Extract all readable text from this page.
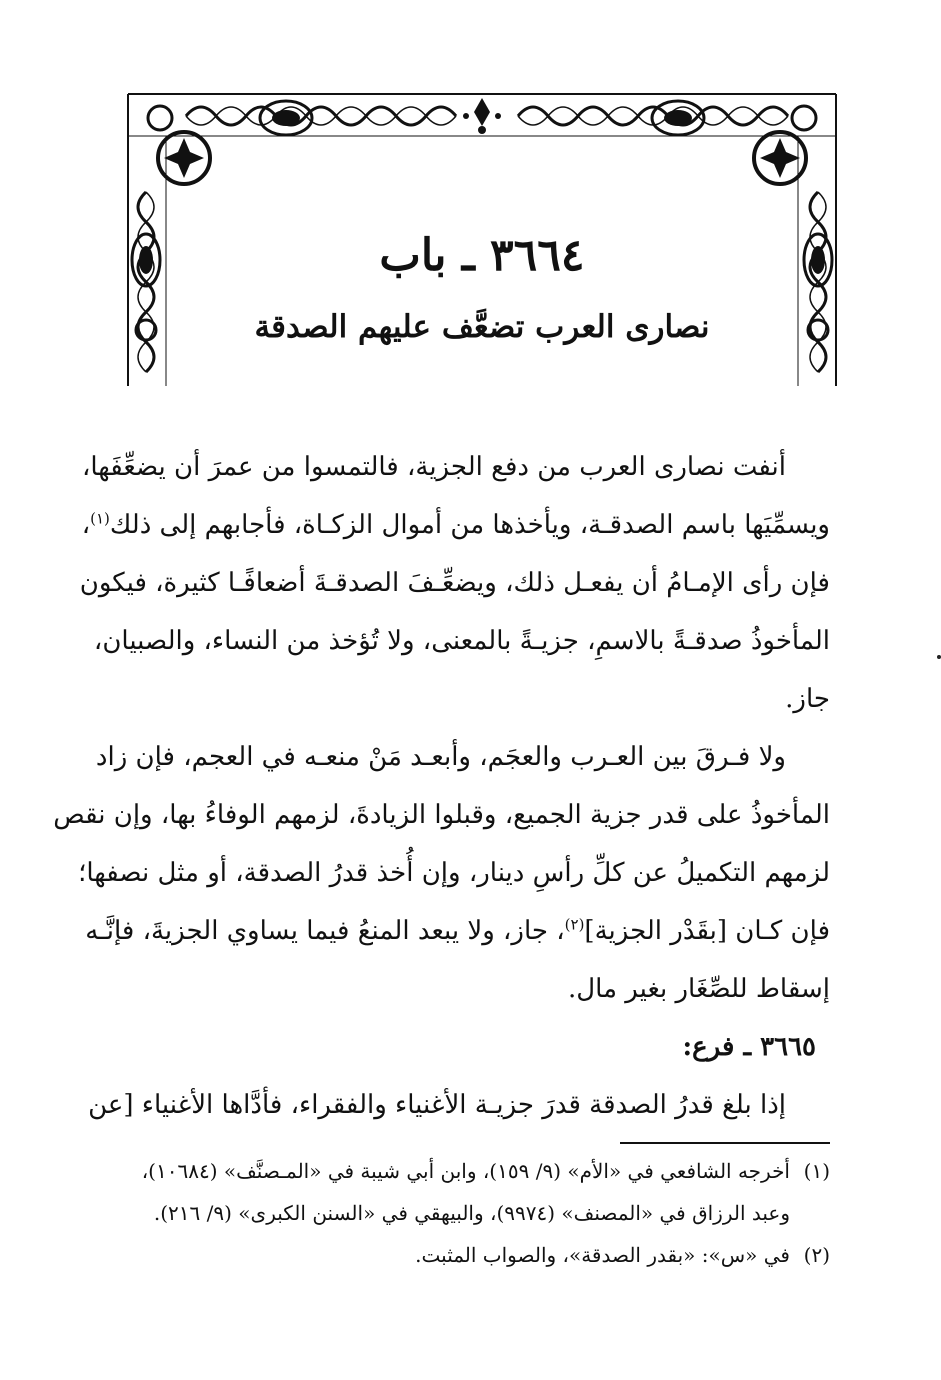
٣٦٦٤ ـ باب
نصارى العرب تضعَّف عليهم الصدقة
أنفت نصارى العرب من دفع الجزية، فالتمسوا من عمرَ أن يضعِّفَها،
ويسمِّيَها باسم الصدقـة، ويأخذها من أموال الزكـاة، فأجابهم إلى ذلك$^{(١)}$،
فإن رأى الإمـامُ أن يفعـل ذلك، ويضعِّـفَ الصدقـةَ أضعافًـا كثيرة، فيكون
المأخوذُ صدقـةً بالاسمِ، جزيـةً بالمعنى، ولا تُؤخذ من النساء، والصبيان،
جاز.
ولا فـرقَ بين العـرب والعجَم، وأبعـد مَنْ منعـه في العجم، فإن زاد
المأخوذُ على قدر جزية الجميع، وقبلوا الزيادةَ، لزمهم الوفاءُ بها، وإن نقص
لزمهم التكميلُ عن كلِّ رأسِ دينار، وإن أُخذ قدرُ الصدقة، أو مثل نصفها؛
فإن كـان [بقَدْر الجزية]$^{(٢)}$، جاز، ولا يبعد المنعُ فيما يساوي الجزيةَ، فإنَّـه
إسقاط للصِّغَار بغير مال.
٣٦٦٥ ـ فرع:
إذا بلغ قدرُ الصدقة قدرَ جزيـة الأغنياء والفقراء، فأدَّاها الأغنياء [عن
(١)أخرجه الشافعي في «الأم» (٩/ ١٥٩)، وابن أبي شيبة في «المـصنَّف» (١٠٦٨٤)،
وعبد الرزاق في «المصنف» (٩٩٧٤)، والبيهقي في «السنن الكبرى» (٩/ ٢١٦).
(٢)في «س»: «بقدر الصدقة»، والصواب المثبت.
